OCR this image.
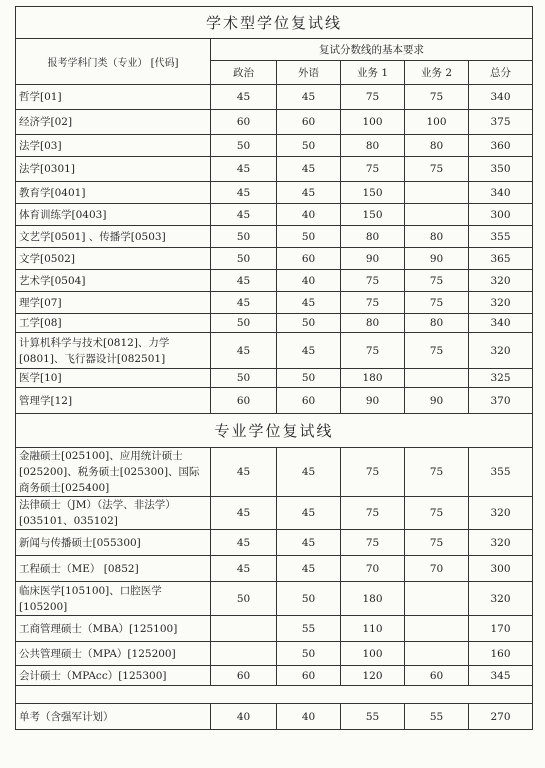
学术型学位复试线					
报考学科门类（专业） [代码]	复试分数线的基本要求				
	政治	外语	业务 1	业务 2	总分
哲学[01]	45	45	75	75	340
经济学[02]	60	60	100	100	375
法学[03]	50	50	80	80	360
法学[0301]	45	45	75	75	350
教育学[0401]	45	45	150		340
体育训练学[0403]	45	40	150		300
文艺学[0501] 、传播学[0503]	50	50	80	80	355
文学[0502]	50	60	90	90	365
艺术学[0504]	45	40	75	75	320
理学[07]	45	45	75	75	320
工学[08]	50	50	80	80	340
计算机科学与技术[0812]、力学[0801]、飞行器设计[082501]	45	45	75	75	320
医学[10]	50	50	180		325
管理学[12]	60	60	90	90	370
专业学位复试线					
金融硕士[025100]、应用统计硕士[025200]、税务硕士[025300]、国际商务硕士[025400]	45	45	75	75	355
法律硕士（JM）（法学、非法学）[035101、035102]	45	45	75	75	320
新闻与传播硕士[055300]	45	45	75	75	320
工程硕士（ME） [0852]	45	45	70	70	300
临床医学[105100]、口腔医学[105200]	50	50	180		320
工商管理硕士（MBA）[125100]		55	110		170
公共管理硕士（MPA）[125200]		50	100		160
会计硕士（MPAcc）[125300]	60	60	120	60	345

单考（含强军计划）	40	40	55	55	270
